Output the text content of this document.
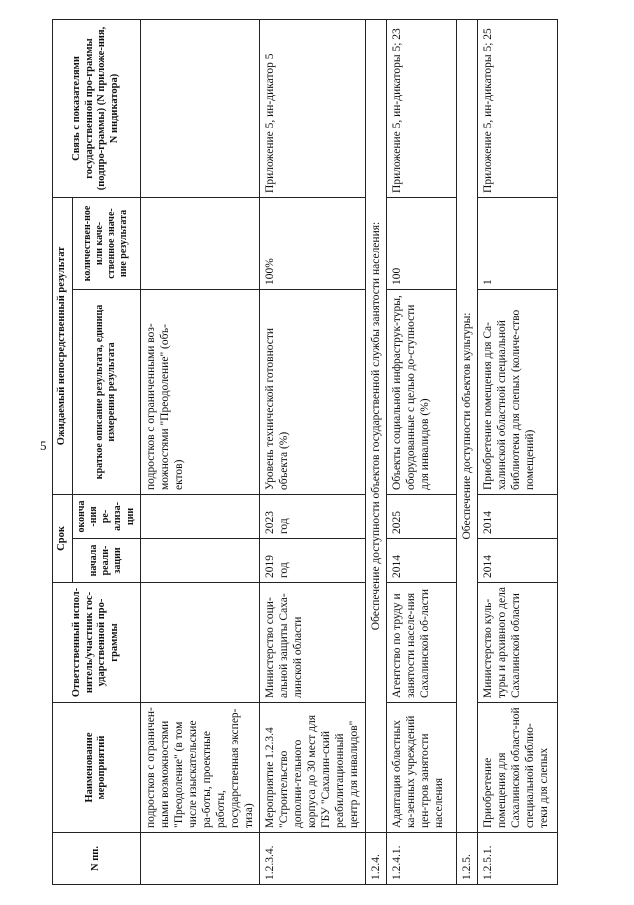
5
N пп.	Наименование мероприятий	Ответственный испол-нитель/участник гос-ударственной про-граммы	Срок		Ожидаемый непосредственный результат		Связь с показателями государственной про-граммы (подпро-граммы) (N приложе-ния, N индикатора)
			начала реали-зации	оконча-ния ре-ализа-ции	краткое описание результата, единица измерения результата	количествен-ное или каче-ственное значе-ние результата	
	подростков с ограничен-ными возможностями "Преодоление" (в том числе изыскательские ра-боты, проектные работы, государственная экспер-тиза)				подростков с ограниченными воз-можностями "Преодоление" (объ-ектов)		
1.2.3.4.	Мероприятие 1.2.3.4 "Строительство дополни-тельного корпуса до 30 мест для ГБУ "Сахалин-ский реабилитационный центр для инвалидов"	Министерство соци-альной защиты Саха-линской области	2019 год	2023 год	Уровень технической готовности объекта (%)	100%	Приложение 5, ин-дикатор 5
1.2.4.	Обеспечение доступности объектов государственной службы занятости населения:						
1.2.4.1.	Адаптация областных ка-зенных учреждений цен-тров занятости населения	Агентство по труду и занятости населе-ния Сахалинской об-ласти	2014	2025	Объекты социальной инфраструк-туры, оборудованные с целью до-ступности для инвалидов (%)	100	Приложение 5, ин-дикаторы 5; 23
1.2.5.	Обеспечение доступности объектов культуры:						
1.2.5.1.	Приобретение помещения для Сахалинской област-ной специальной библио-теки для слепых	Министерство куль-туры и архивного дела Сахалинской области	2014	2014	Приобретение помещения для Са-халинской областной специальной библиотеки для слепых (количе-ство помещений)	1	Приложение 5, ин-дикаторы 5; 25
